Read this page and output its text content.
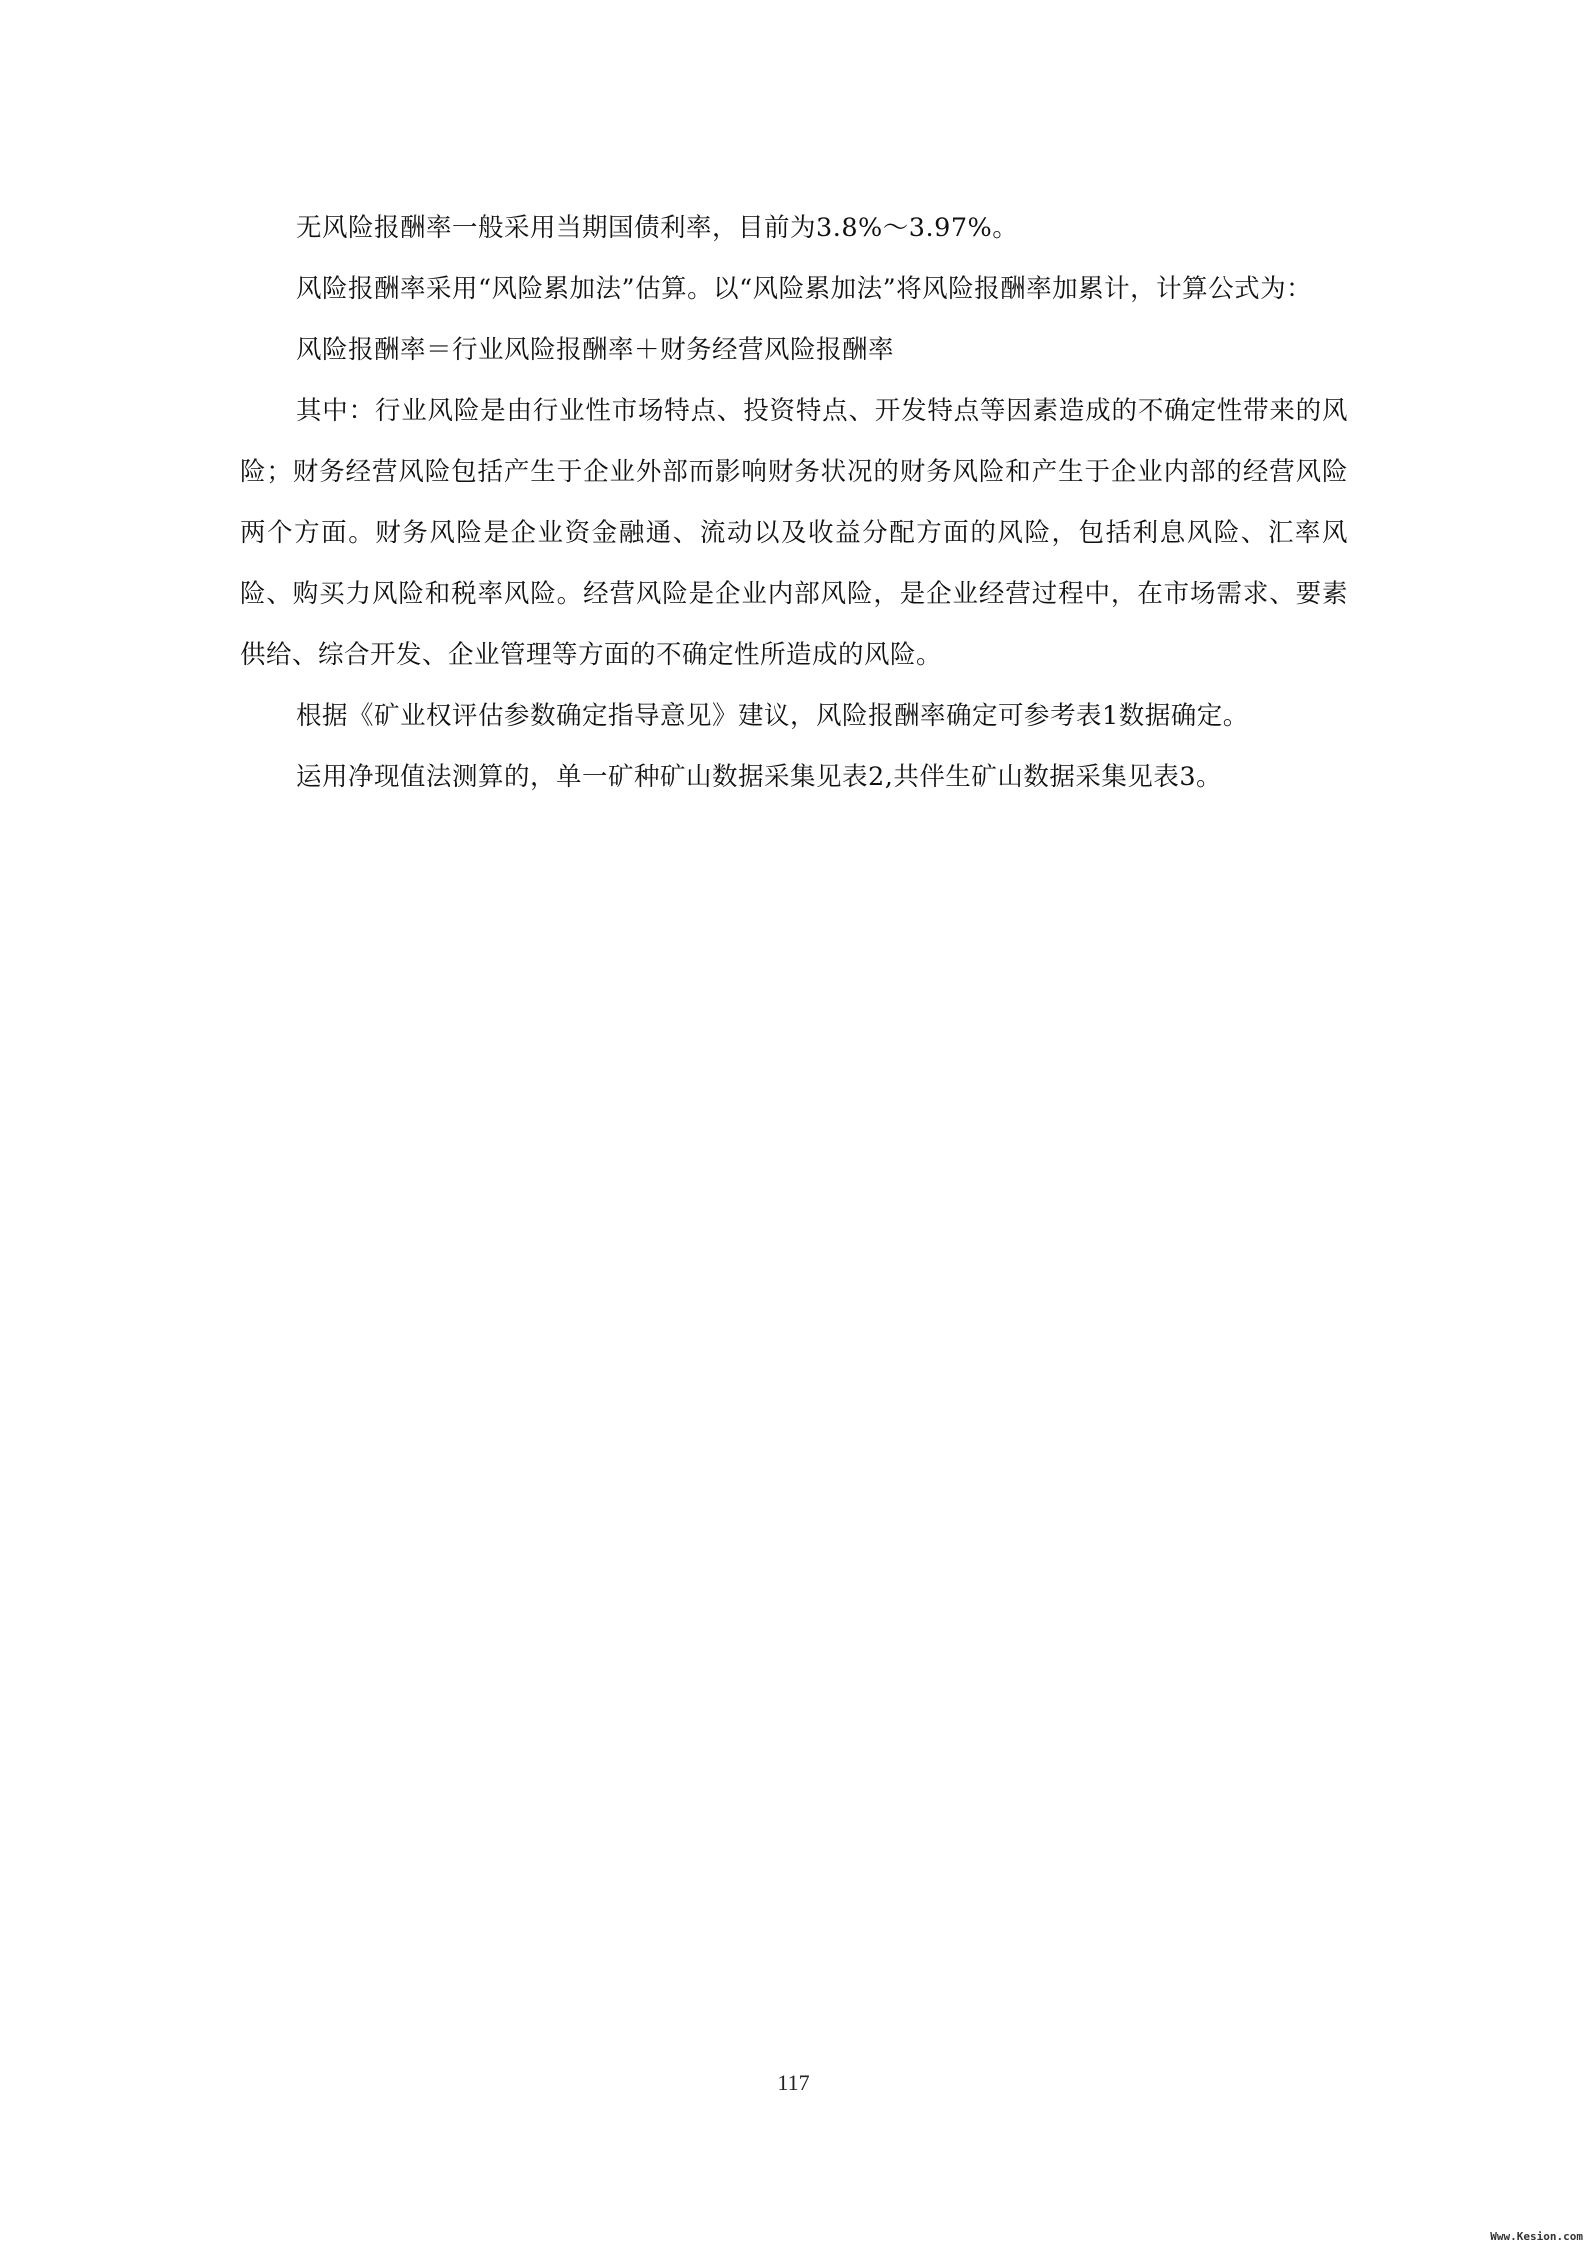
无风险报酬率一般采用当期国债利率，目前为3.8%～3.97%。

风险报酬率采用“风险累加法”估算。以“风险累加法”将风险报酬率加累计，计算公式为：

风险报酬率＝行业风险报酬率＋财务经营风险报酬率

其中：行业风险是由行业性市场特点、投资特点、开发特点等因素造成的不确定性带来的风险；财务经营风险包括产生于企业外部而影响财务状况的财务风险和产生于企业内部的经营风险两个方面。财务风险是企业资金融通、流动以及收益分配方面的风险，包括利息风险、汇率风险、购买力风险和税率风险。经营风险是企业内部风险，是企业经营过程中，在市场需求、要素供给、综合开发、企业管理等方面的不确定性所造成的风险。

根据《矿业权评估参数确定指导意见》建议，风险报酬率确定可参考表1数据确定。

运用净现值法测算的，单一矿种矿山数据采集见表2,共伴生矿山数据采集见表3。

117
Www.Kesion.com
